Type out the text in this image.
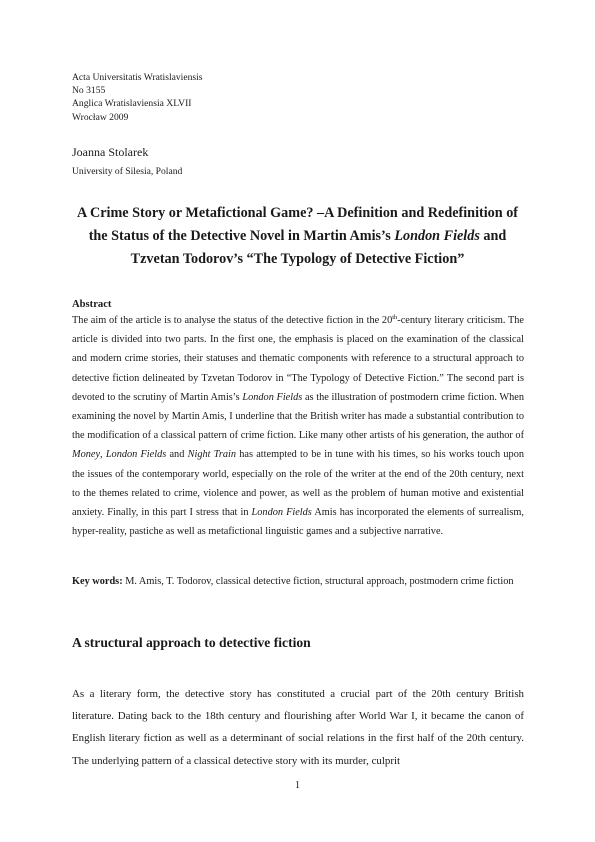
Acta Universitatis Wratislaviensis
No 3155
Anglica Wratislaviensia XLVII
Wrocław 2009
Joanna Stolarek
University of Silesia, Poland
A Crime Story or Metafictional Game? –A Definition and Redefinition of
the Status of the Detective Novel in Martin Amis’s London Fields and
Tzvetan Todorov’s “The Typology of Detective Fiction”
Abstract

The aim of the article is to analyse the status of the detective fiction in the 20th-century literary criticism. The article is divided into two parts. In the first one, the emphasis is placed on the examination of the classical and modern crime stories, their statuses and thematic components with reference to a structural approach to detective fiction delineated by Tzvetan Todorov in “The Typology of Detective Fiction.” The second part is devoted to the scrutiny of Martin Amis’s London Fields as the illustration of postmodern crime fiction. When examining the novel by Martin Amis, I underline that the British writer has made a substantial contribution to the modification of a classical pattern of crime fiction. Like many other artists of his generation, the author of Money, London Fields and Night Train has attempted to be in tune with his times, so his works touch upon the issues of the contemporary world, especially on the role of the writer at the end of the 20th century, next to the themes related to crime, violence and power, as well as the problem of human motive and existential anxiety. Finally, in this part I stress that in London Fields Amis has incorporated the elements of surrealism, hyper-reality, pastiche as well as metafictional linguistic games and a subjective narrative.

Key words: M. Amis, T. Todorov, classical detective fiction, structural approach, postmodern crime fiction
A structural approach to detective fiction

As a literary form, the detective story has constituted a crucial part of the 20th century British literature. Dating back to the 18th century and flourishing after World War I, it became the canon of English literary fiction as well as a determinant of social relations in the first half of the 20th century. The underlying pattern of a classical detective story with its murder, culprit

1
